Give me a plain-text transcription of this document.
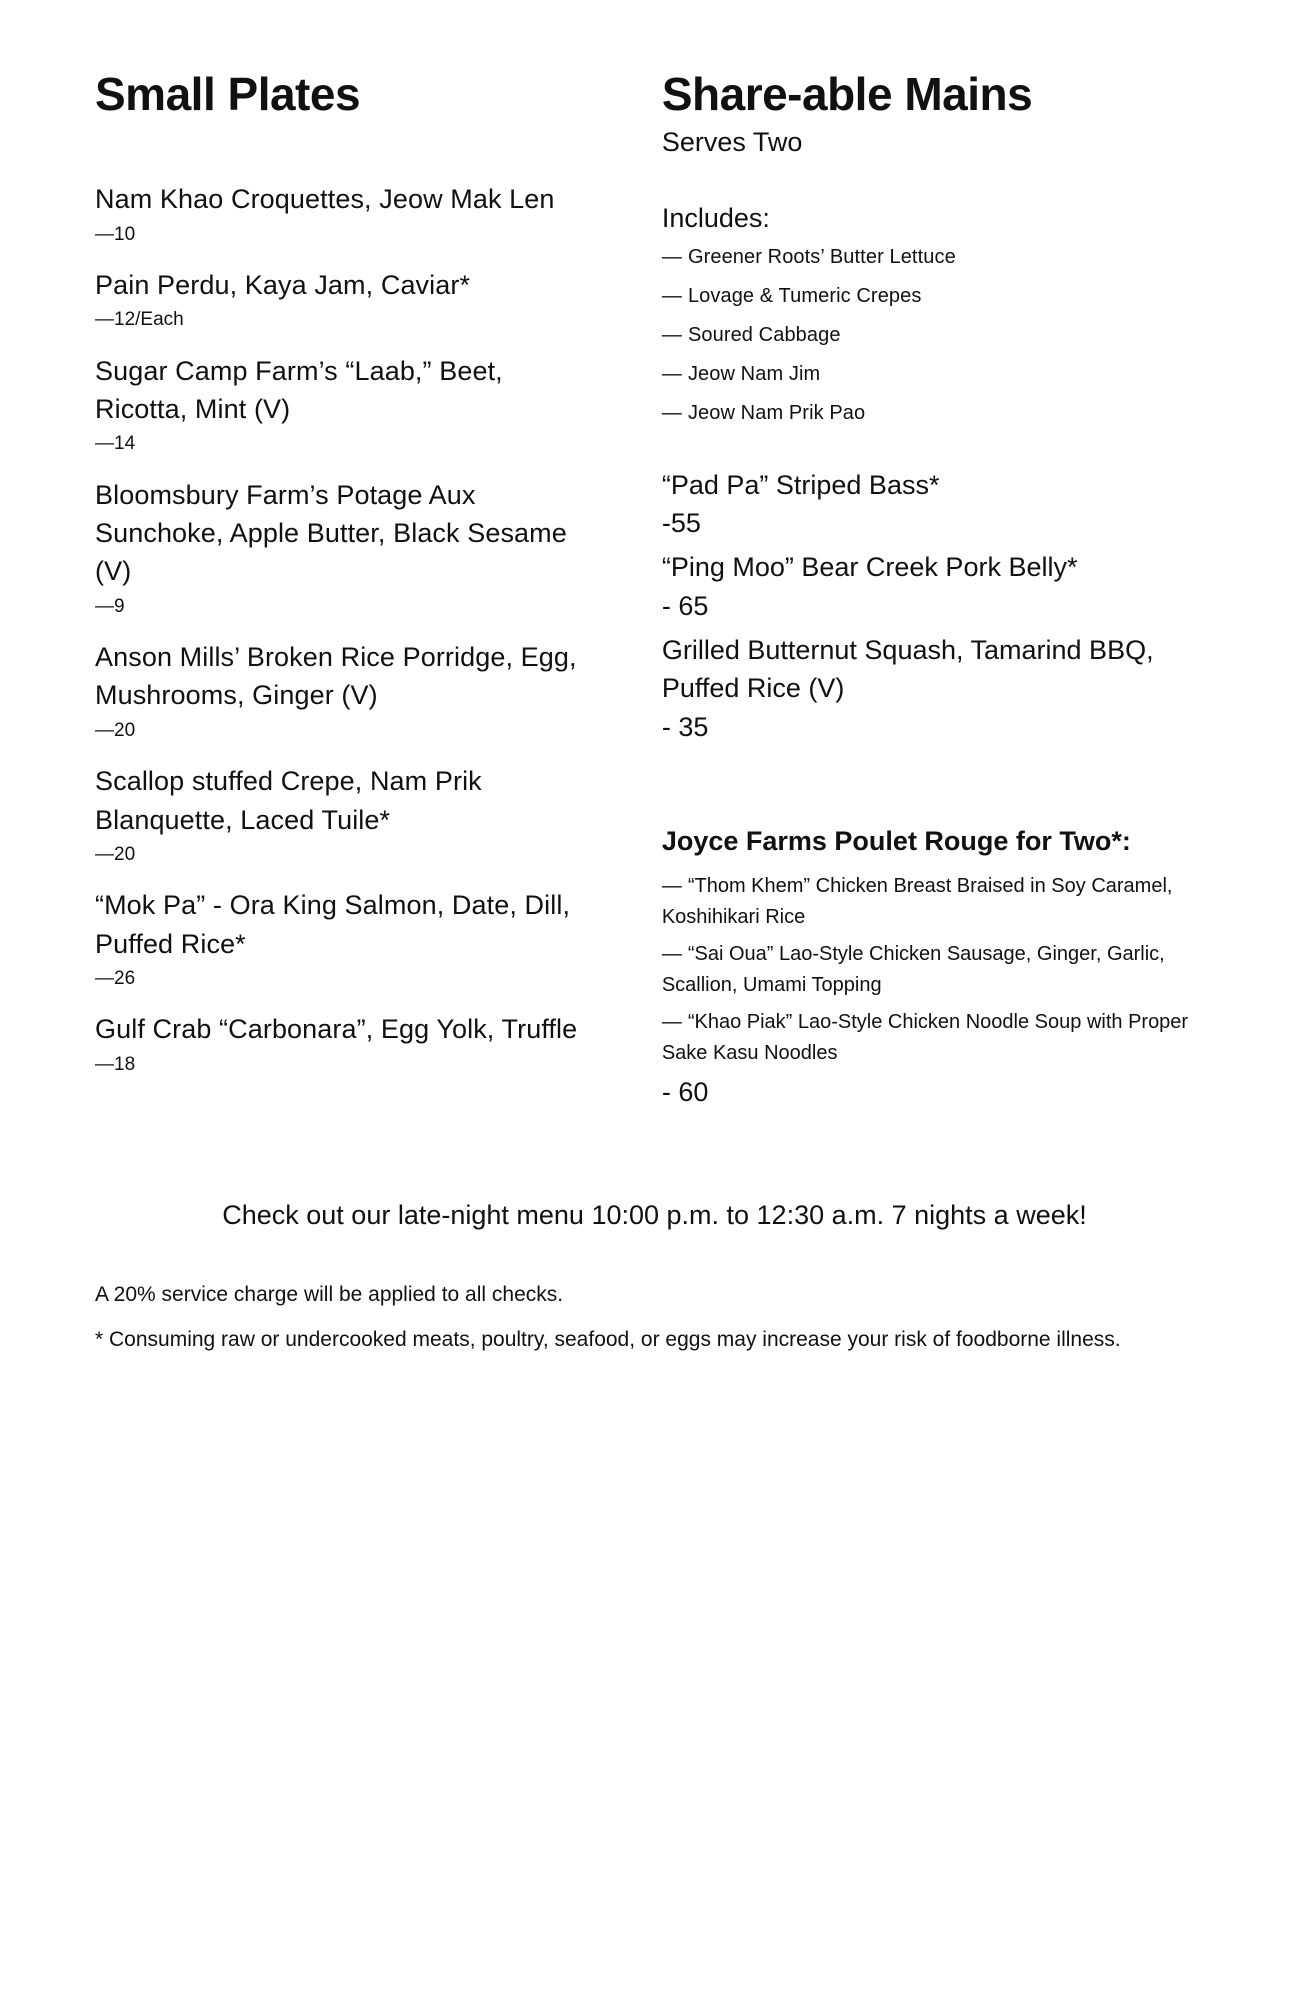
Small Plates
Nam Khao Croquettes, Jeow Mak Len
—10
Pain Perdu, Kaya Jam, Caviar*
—12/Each
Sugar Camp Farm’s “Laab,” Beet, Ricotta, Mint (V)
—14
Bloomsbury Farm’s Potage Aux Sunchoke, Apple Butter, Black Sesame (V)
—9
Anson Mills’ Broken Rice Porridge, Egg, Mushrooms, Ginger (V)
—20
Scallop stuffed Crepe, Nam Prik Blanquette, Laced Tuile*
—20
“Mok Pa” - Ora King Salmon, Date, Dill, Puffed Rice*
—26
Gulf Crab “Carbonara”, Egg Yolk, Truffle
—18
Share-able Mains
Serves Two
Includes:
— Greener Roots’ Butter Lettuce
— Lovage & Tumeric Crepes
— Soured Cabbage
— Jeow Nam Jim
— Jeow Nam Prik Pao
“Pad Pa” Striped Bass*
-55
“Ping Moo” Bear Creek Pork Belly*
- 65
Grilled Butternut Squash, Tamarind BBQ, Puffed Rice (V)
- 35
Joyce Farms Poulet Rouge for Two*:
— “Thom Khem” Chicken Breast Braised in Soy Caramel, Koshihikari Rice
— “Sai Oua” Lao-Style Chicken Sausage, Ginger, Garlic, Scallion, Umami Topping
— “Khao Piak” Lao-Style Chicken Noodle Soup with Proper Sake Kasu Noodles
- 60
Check out our late-night menu 10:00 p.m. to 12:30 a.m. 7 nights a week!

A 20% service charge will be applied to all checks.

* Consuming raw or undercooked meats, poultry, seafood, or eggs may increase your risk of foodborne illness.
